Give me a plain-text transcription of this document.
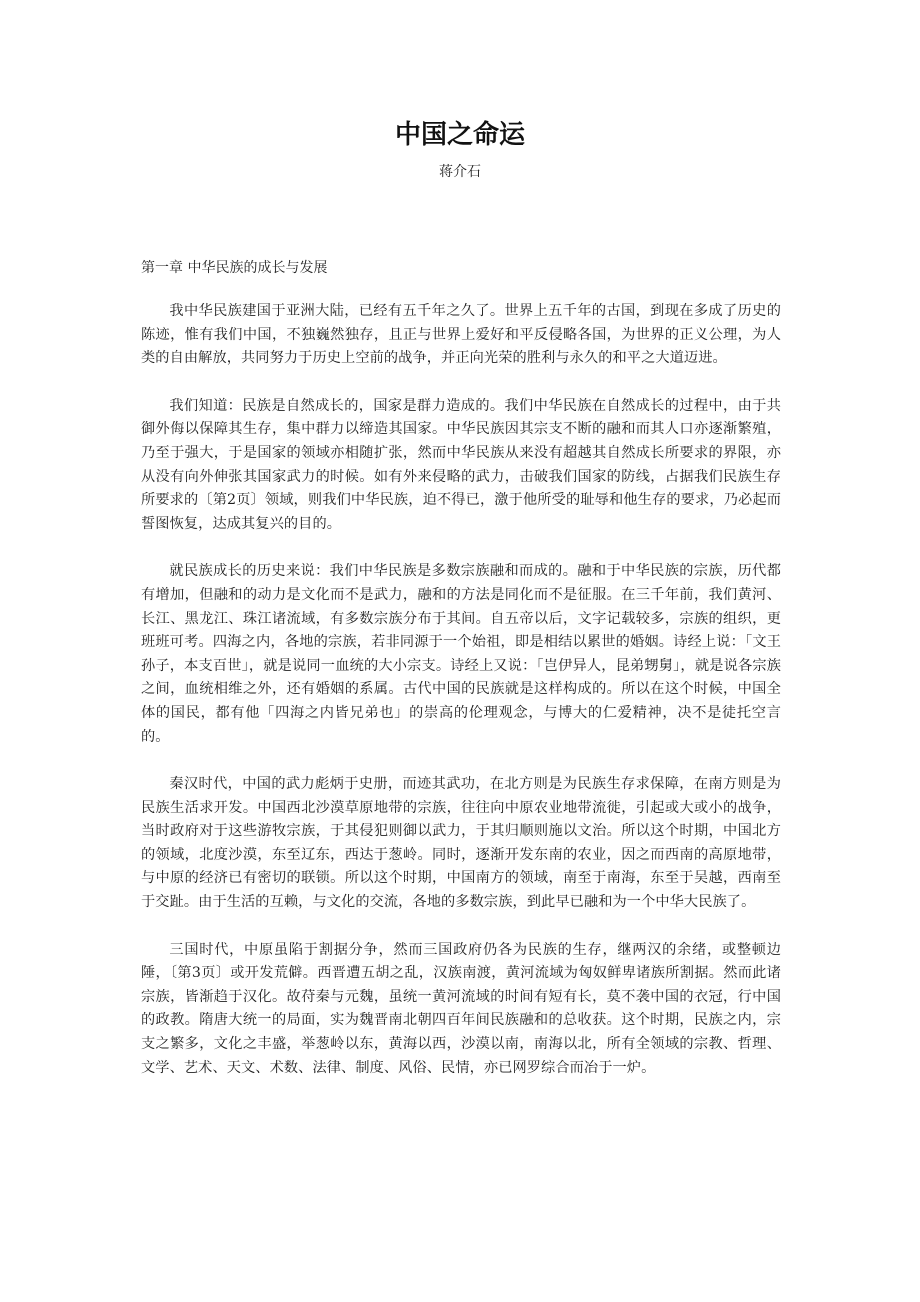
中国之命运
蒋介石
第一章 中华民族的成长与发展

我中华民族建国于亚洲大陆，已经有五千年之久了。世界上五千年的古国，到现在多成了历史的陈迹，惟有我们中国，不独巍然独存，且正与世界上爱好和平反侵略各国，为世界的正义公理，为人类的自由解放，共同努力于历史上空前的战争，并正向光荣的胜利与永久的和平之大道迈进。

我们知道：民族是自然成长的，国家是群力造成的。我们中华民族在自然成长的过程中，由于共御外侮以保障其生存，集中群力以缔造其国家。中华民族因其宗支不断的融和而其人口亦逐渐繁殖，乃至于强大，于是国家的领域亦相随扩张，然而中华民族从来没有超越其自然成长所要求的界限，亦从没有向外伸张其国家武力的时候。如有外来侵略的武力，击破我们国家的防线，占据我们民族生存所要求的〔第2页〕领域，则我们中华民族，迫不得已，激于他所受的耻辱和他生存的要求，乃必起而誓图恢复，达成其复兴的目的。

就民族成长的历史来说：我们中华民族是多数宗族融和而成的。融和于中华民族的宗族，历代都有增加，但融和的动力是文化而不是武力，融和的方法是同化而不是征服。在三千年前，我们黄河、长江、黑龙江、珠江诸流域，有多数宗族分布于其间。自五帝以后，文字记载较多，宗族的组织，更班班可考。四海之内，各地的宗族，若非同源于一个始祖，即是相结以累世的婚姻。诗经上说：「文王孙子，本支百世」，就是说同一血统的大小宗支。诗经上又说：「岂伊异人，昆弟甥舅」，就是说各宗族之间，血统相维之外，还有婚姻的系属。古代中国的民族就是这样构成的。所以在这个时候，中国全体的国民，都有他「四海之内皆兄弟也」的崇高的伦理观念，与博大的仁爱精神，决不是徒托空言的。

秦汉时代，中国的武力彪炳于史册，而迹其武功，在北方则是为民族生存求保障，在南方则是为民族生活求开发。中国西北沙漠草原地带的宗族，往往向中原农业地带流徙，引起或大或小的战争，当时政府对于这些游牧宗族，于其侵犯则御以武力，于其归顺则施以文治。所以这个时期，中国北方的领域，北度沙漠，东至辽东，西达于葱岭。同时，逐渐开发东南的农业，因之而西南的高原地带，与中原的经济已有密切的联锁。所以这个时期，中国南方的领域，南至于南海，东至于吴越，西南至于交趾。由于生活的互赖，与文化的交流，各地的多数宗族，到此早已融和为一个中华大民族了。

三国时代，中原虽陷于割据分争，然而三国政府仍各为民族的生存，继两汉的余绪，或整顿边陲，〔第3页〕或开发荒僻。西晋遭五胡之乱，汉族南渡，黄河流域为匈奴鲜卑诸族所割据。然而此诸宗族，皆渐趋于汉化。故苻秦与元魏，虽统一黄河流域的时间有短有长，莫不袭中国的衣冠，行中国的政教。隋唐大统一的局面，实为魏晋南北朝四百年间民族融和的总收获。这个时期，民族之内，宗支之繁多，文化之丰盛，举葱岭以东，黄海以西，沙漠以南，南海以北，所有全领域的宗教、哲理、文学、艺术、天文、术数、法律、制度、风俗、民情，亦已网罗综合而冶于一炉。
